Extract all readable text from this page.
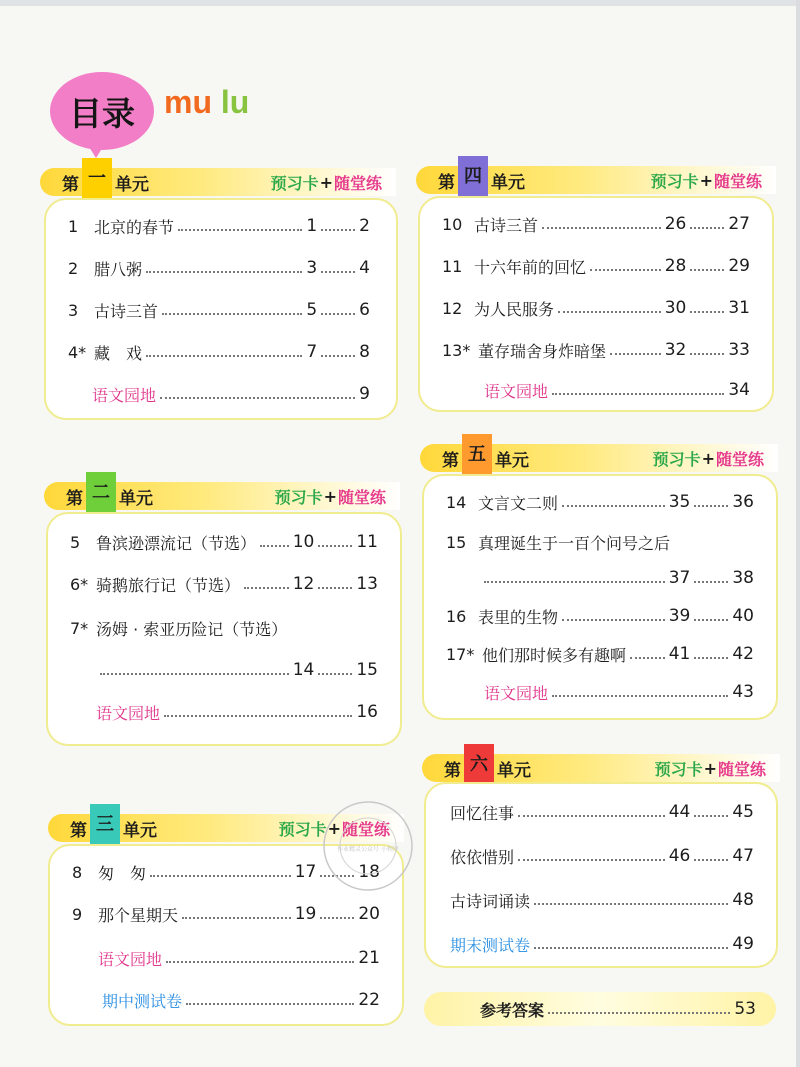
目录 mu lu
第 一 单元	预习卡 + 随堂练
1 北京的春节	1 2
2 腊八粥	3 4
3 古诗三首	5 6
4* 藏　戏	7 8
语文园地	9
第 二 单元	预习卡 + 随堂练
5 鲁滨逊漂流记（节选） 10 11
6* 骑鹅旅行记（节选）	12 13
7* 汤姆 · 索亚历险记（节选）
14 15
语文园地	16
第 三 单元	预习卡 + 随堂练
8 匆　匆	17 18
9 那个星期天	19 20
语文园地	21
期中测试卷	22
第 四 单元	预习卡 + 随堂练
10 古诗三首	26 27
11 十六年前的回忆	28 29
12 为人民服务	30 31
13* 董存瑞舍身炸暗堡	32 33
语文园地	34
第 五 单元	预习卡 + 随堂练
14 文言文二则	35 36
15 真理诞生于一百个问号之后
37 38
16 表里的生物	39 40
17* 他们那时候多有趣啊	41 42
语文园地	43
第 六 单元	预习卡 + 随堂练
回忆往事	44 45
依依惜别	46 47
古诗词诵读	48
期末测试卷	49
参考答案	53
作业精灵公众号 小程序
